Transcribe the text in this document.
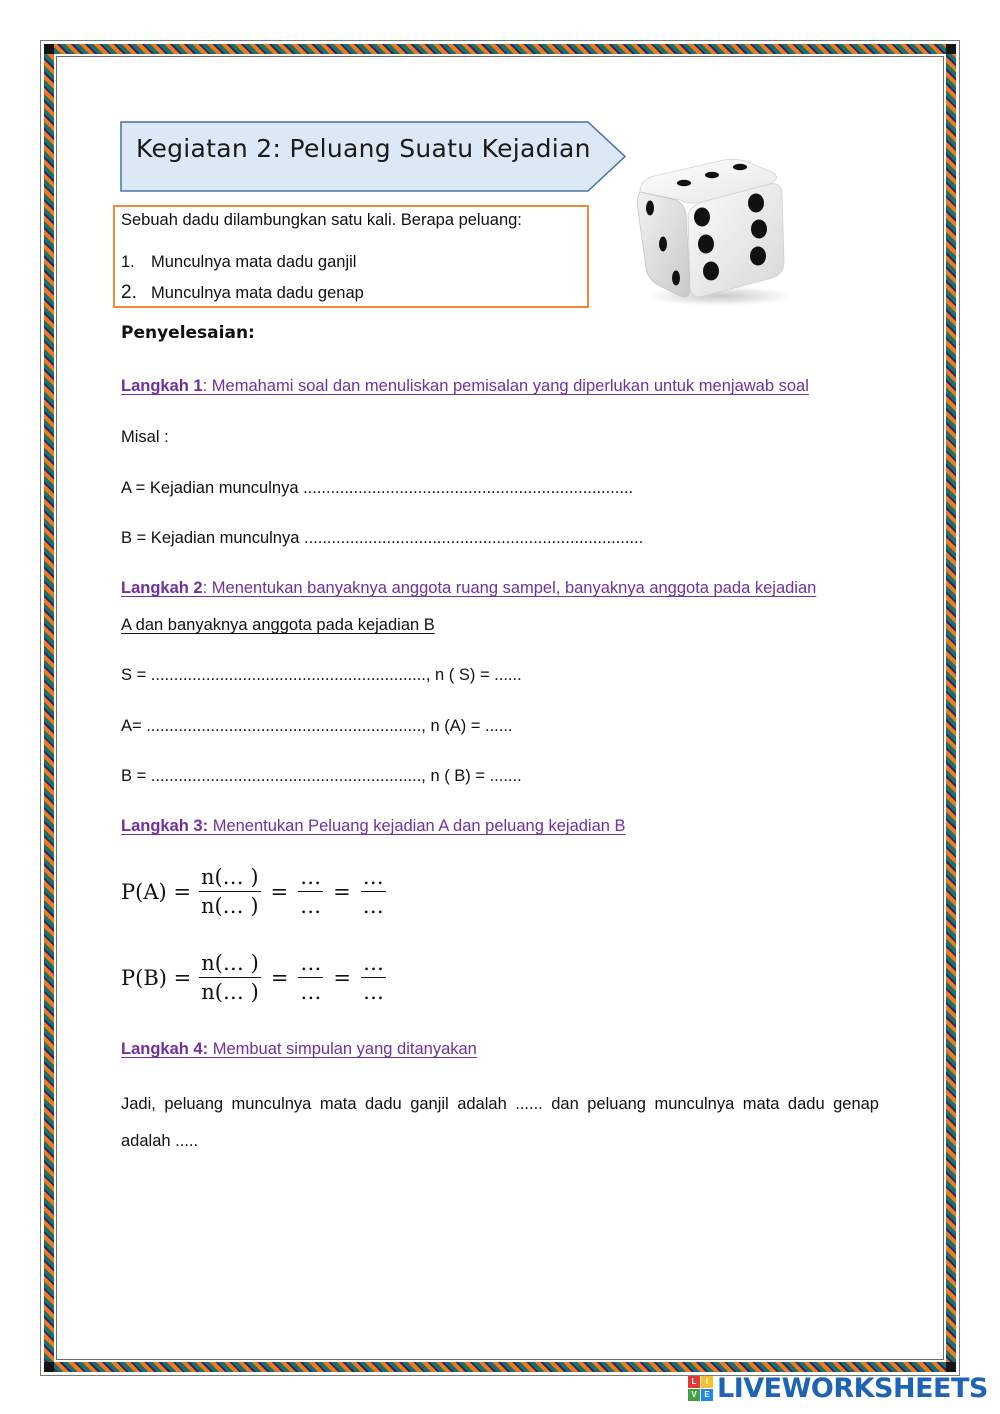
Kegiatan 2: Peluang Suatu Kejadian
Sebuah dadu dilambungkan satu kali. Berapa peluang:
1. Munculnya mata dadu ganjil
2. Munculnya mata dadu genap
Penyelesaian:
Langkah 1: Memahami soal dan menuliskan pemisalan yang diperlukan untuk menjawab soal
Misal :
A = Kejadian munculnya ........................................................................
B = Kejadian munculnya ..........................................................................
Langkah 2: Menentukan banyaknya anggota ruang sampel, banyaknya anggota pada kejadian
A dan banyaknya anggota pada kejadian B
S = ............................................................, n ( S) = ......
A= ............................................................, n (A) = ......
B = ..........................................................., n ( B) = .......
Langkah 3: Menentukan Peluang kejadian A dan peluang kejadian B
$P(A) = \frac{n(\dots )}{n(\dots )} = \frac{\dots}{\dots} = \frac{\dots}{\dots}$
$P(B) = \frac{n(\dots )}{n(\dots )} = \frac{\dots}{\dots} = \frac{\dots}{\dots}$
Langkah 4: Membuat simpulan yang ditanyakan
Jadi, peluang munculnya mata dadu ganjil adalah ...... dan peluang munculnya mata dadu genap adalah .....
L	I
V E LIVEWORKSHEETS
